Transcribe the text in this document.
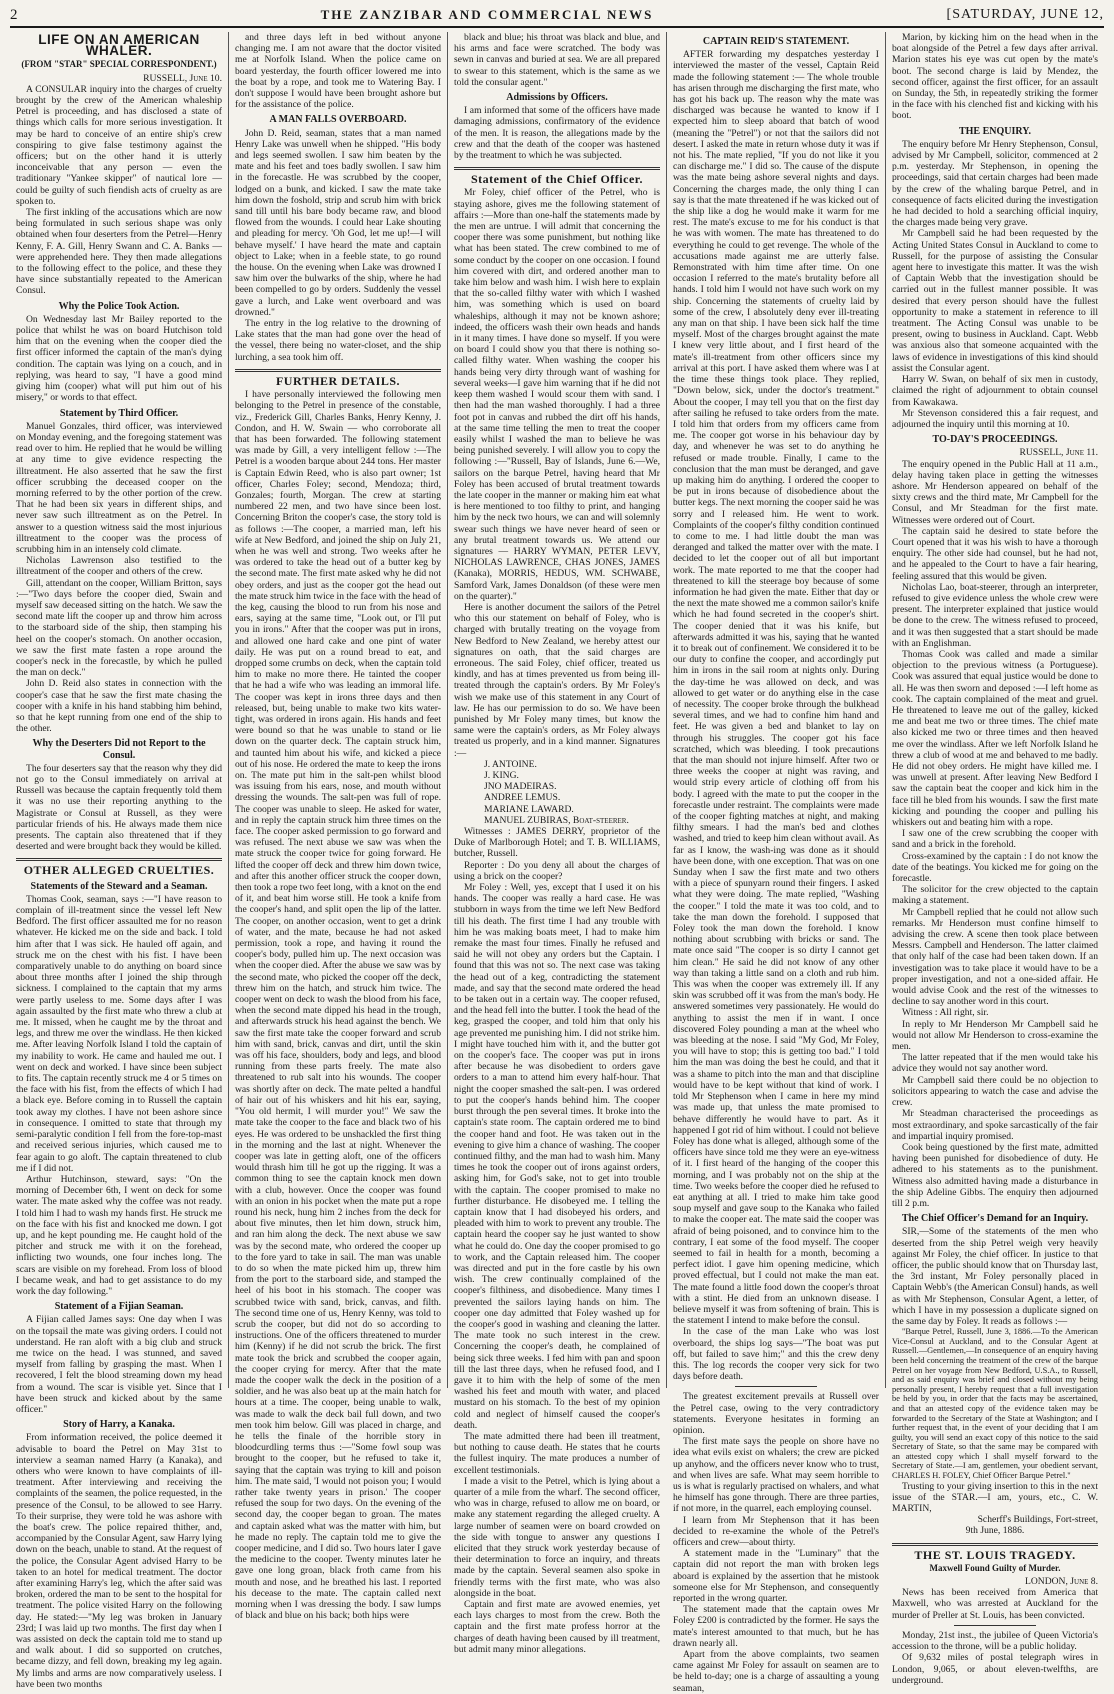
2	THE ZANZIBAR AND COMMERCIAL NEWS	[SATURDAY, JUNE 12,
LIFE ON AN AMERICAN WHALER.
(FROM "STAR" SPECIAL CORRESPONDENT.)

RUSSELL, June 10.

A CONSULAR inquiry into the charges of cruelty brought by the crew of the American whaleship Petrel is proceeding, and has disclosed a state of things which calls for more serious investigation. It may be hard to conceive of an entire ship's crew conspiring to give false testimony against the officers; but on the other hand it is utterly inconceivable that any person — even the traditionary "Yankee skipper" of nautical lore — could be guilty of such fiendish acts of cruelty as are spoken to.

The first inkling of the accusations which are now being formulated in such serious shape was only obtained when four deserters from the Petrel—Henry Kenny, F. A. Gill, Henry Swann and C. A. Banks —were apprehended here. They then made allegations to the following effect to the police, and these they have since substantially repeated to the American Consul.

Why the Police Took Action.

On Wednesday last Mr Bailey reported to the police that whilst he was on board Hutchison told him that on the evening when the cooper died the first officer informed the captain of the man's dying condition. The captain was lying on a couch, and in replying, was heard to say, "I have a good mind giving him (cooper) what will put him out of his misery," or words to that effect.

Statement by Third Officer.

Manuel Gonzales, third officer, was interviewed on Monday evening, and the foregoing statement was read over to him. He replied that he would be willing at any time to give evidence respecting the illtreatment. He also asserted that he saw the first officer scrubbing the deceased cooper on the morning referred to by the other portion of the crew. That he had been six years in different ships, and never saw such illtreatment as on the Petrel. In answer to a question witness said the most injurious illtreatment to the cooper was the process of scrubbing him in an intensely cold climate.

Nicholas Lawrenson also testified to the illtreatment of the cooper and others of the crew.

Gill, attendant on the cooper, William Britton, says :—"Two days before the cooper died, Swain and myself saw deceased sitting on the hatch. We saw the second mate lift the cooper up and throw him across to the starboard side of the ship, then stamping his heel on the cooper's stomach. On another occasion, we saw the first mate fasten a rope around the cooper's neck in the forecastle, by which he pulled the man on deck."

John D. Reid also states in connection with the cooper's case that he saw the first mate chasing the cooper with a knife in his hand stabbing him behind, so that he kept running from one end of the ship to the other.

Why the Deserters Did not Report to the Consul.

The four deserters say that the reason why they did not go to the Consul immediately on arrival at Russell was because the captain frequently told them it was no use their reporting anything to the Magistrate or Consul at Russell, as they were particular friends of his. He always made them nice presents. The captain also threatened that if they deserted and were brought back they would be killed.

OTHER ALLEGED CRUELTIES.
Statements of the Steward and a Seaman.

Thomas Cook, seaman, says :—"I have reason to complain of ill-treatment since the vessel left New Bedford. The first officer assaulted me for no reason whatever. He kicked me on the side and back. I told him after that I was sick. He hauled off again, and struck me on the chest with his fist. I have been comparatively unable to do anything on board since about three months after I joined the ship through sickness. I complained to the captain that my arms were partly useless to me. Some days after I was again assaulted by the first mate who threw a club at me. It missed, when he caught me by the throat and legs, and threw me over the windlass. He then kicked me. After leaving Norfolk Island I told the captain of my inability to work. He came and hauled me out. I went on deck and worked. I have since been subject to fits. The captain recently struck me 4 or 5 times on the face with his fist, from the effects of which I had a black eye. Before coming in to Russell the captain took away my clothes. I have not been ashore since in consequence. I omitted to state that through my semi-paralytic condition I fell from the fore-top-mast and received serious injuries, which caused me to fear again to go aloft. The captain threatened to club me if I did not.

Arthur Hutchinson, steward, says: "On the morning of December 6th, I went on deck for some water. The mate asked why the coffee was not ready. I told him I had to wash my hands first. He struck me on the face with his fist and knocked me down. I got up, and he kept pounding me. He caught hold of the pitcher and struck me with it on the forehead, inflicting two wounds, one four inches long. The scars are visible on my forehead. From loss of blood I became weak, and had to get assistance to do my work the day following."

Statement of a Fijian Seaman.

A Fijian called James says: One day when I was on the topsail the mate was giving orders. I could not understand. He ran aloft with a big club and struck me twice on the head. I was stunned, and saved myself from falling by grasping the mast. When I recovered, I felt the blood streaming down my head from a wound. The scar is visible yet. Since that I have been struck and kicked about by the same officer."

Story of Harry, a Kanaka.

From information received, the police deemed it advisable to board the Petrel on May 31st to interview a seaman named Harry (a Kanaka), and others who were known to have complaints of ill-treatment. After interviewing and receiving the complaints of the seamen, the police requested, in the presence of the Consul, to be allowed to see Harry. To their surprise, they were told he was ashore with the boat's crew. The police repaired thither, and, accompanied by the Consular Agent, saw Harry lying down on the beach, unable to stand. At the request of the police, the Consular Agent advised Harry to be taken to an hotel for medical treatment. The doctor after examining Harry's leg, which the after said was broken, ordered the man to be sent to the hospital for treatment. The police visited Harry on the following day. He stated:—"My leg was broken in January 23rd; I was laid up two months. The first day when I was assisted on deck the captain told me to stand up and walk about. I did so supported on crutches, became dizzy, and fell down, breaking my leg again. My limbs and arms are now comparatively useless. I have been two months

and three days left in bed without anyone changing me. I am not aware that the doctor visited me at Norfolk Island. When the police came on board yesterday, the fourth officer lowered me into the boat by a rope, and took me to Watering Bay. I don't suppose I would have been brought ashore but for the assistance of the police.

A MAN FALLS OVERBOARD.

John D. Reid, seaman, states that a man named Henry Lake was unwell when he shipped. "His body and legs seemed swollen. I saw him beaten by the mate and his feet and toes badly swollen. I saw him in the forecastle. He was scrubbed by the cooper, lodged on a bunk, and kicked. I saw the mate take him down the foshold, strip and scrub him with brick sand till until his bare body became raw, and blood flowed from the wounds. I could hear Lake shouting and pleading for mercy. 'Oh God, let me up!—I will behave myself.' I have heard the mate and captain object to Lake; when in a feeble state, to go round the house. On the evening when Lake was drowned I saw him over the bulwarks of the ship, where he had been compelled to go by orders. Suddenly the vessel gave a lurch, and Lake went overboard and was drowned."

The entry in the log relative to the drowning of Lake states that the man had gone over the head of the vessel, there being no water-closet, and the ship lurching, a sea took him off.

FURTHER DETAILS.

I have personally interviewed the following men belonging to the Petrel in presence of the constable, viz., Frederick Gill, Charles Banks, Henry Kenny, J. Condon, and H. W. Swain — who corroborate all that has been forwarded. The following statement was made by Gill, a very intelligent fellow :—The Petrel is a wooden barque about 244 tons. Her master is Captain Edwin Reed, who is also part owner; 1st officer, Charles Foley; second, Mendoza; third, Gonzales; fourth, Morgan. The crew at starting numbered 22 men, and two have since been lost. Concerning Briton the cooper's case, the story told is as follows :—The cooper, a married man, left his wife at New Bedford, and joined the ship on July 21, when he was well and strong. Two weeks after he was ordered to take the head out of a butter keg by the second mate. The first mate asked why he did not obey orders, and just as the cooper got the head out the mate struck him twice in the face with the head of the keg, causing the blood to run from his nose and ears, saying at the same time, "Look out, or I'll put you in irons." After that the cooper was put in irons, and allowed one hard cake and one pint of water daily. He was put on a round bread to eat, and dropped some crumbs on deck, when the captain told him to make no more there. He tainted the cooper that he had a wife who was leading an immoral life. The cooper was kept in irons three days and then released, but, being unable to make two kits water-tight, was ordered in irons again. His hands and feet were bound so that he was unable to stand or lie down on the quarter deck. The captain struck him, and taunted him about his wife, and kicked a piece out of his nose. He ordered the mate to keep the irons on. The mate put him in the salt-pen whilst blood was issuing from his ears, nose, and mouth without dressing the wounds. The salt-pen was full of rope. The cooper was unable to sleep. He asked for water, and in reply the captain struck him three times on the face. The cooper asked permission to go forward and was refused. The next abuse we saw was when the mate struck the cooper twice for going forward. He lifted the cooper off deck and threw him down twice, and after this another officer struck the cooper down, then took a rope two feet long, with a knot on the end of it, and beat him worse still. He took a knife from the cooper's hand, and split open the lip of the latter. The cooper, on another occasion, went to get a drink of water, and the mate, because he had not asked permission, took a rope, and having it round the cooper's body, pulled him up. The next occasion was when the cooper died. After the abuse we saw was by the second mate, who picked the cooper off the deck, threw him on the hatch, and struck him twice. The cooper went on deck to wash the blood from his face, when the second mate dipped his head in the trough, and afterwards struck his head against the bench. We saw the first mate take the cooper forward and scrub him with sand, brick, canvas and dirt, until the skin was off his face, shoulders, body and legs, and blood running from these parts freely. The mate also threatened to rub salt into his wounds. The cooper was shortly after on deck. The mate pelted a handful of hair out of his whiskers and hit his ear, saying, "You old hermit, I will murder you!" We saw the mate take the cooper to the face and black two of his eyes. He was ordered to be unshackled the first thing in the morning and the last at night. Whenever the cooper was late in getting aloft, one of the officers would thrash him till he got up the rigging. It was a common thing to see the captain knock men down with a club, however. Once the cooper was found with an onion in his pocket when the mate put a rope round his neck, hung him 2 inches from the deck for about five minutes, then let him down, struck him, and ran him along the deck. The next abuse we saw was by the second mate, who ordered the cooper up to the fore yard to take in sail. The man was unable to do so when the mate picked him up, threw him from the port to the starboard side, and stamped the heel of his boot in his stomach. The cooper was scrubbed twice with sand, brick, canvas, and filth. The second time one of us, Henry Kenny, was told to scrub the cooper, but did not do so according to instructions. One of the officers threatened to murder him (Kenny) if he did not scrub the brick. The first mate took the brick and scrubbed the cooper again, the cooper crying for mercy. After that the mate made the cooper walk the deck in the position of a soldier, and he was also beat up at the main hatch for hours at a time. The cooper, being unable to walk, was made to walk the deck bail full down, and two men took him below. Gill was placed in charge, and he tells the finale of the horrible story in bloodcurdling terms thus :—"Some fowl soup was brought to the cooper, but he refused to take it, saying that the captain was trying to kill and poison him. The mate said, 'I would not poison you; I would rather take twenty years in prison.' The cooper refused the soup for two days. On the evening of the second day, the cooper began to groan. The mates and captain asked what was the matter with him, but he made no reply. The captain told me to give the cooper medicine, and I did so. Two hours later I gave the medicine to the cooper. Twenty minutes later he gave one long groan, black froth came from his mouth and nose, and he breathed his last. I reported his decease to the mate. The captain called next morning when I was dressing the body. I saw lumps of black and blue on his back; both hips were

black and blue; his throat was black and blue, and his arms and face were scratched. The body was sewn in canvas and buried at sea. We are all prepared to swear to this statement, which is the same as we told the consular agent."

Admissions by Officers.

I am informed that some of the officers have made damaging admissions, confirmatory of the evidence of the men. It is reason, the allegations made by the crew and that the death of the cooper was hastened by the treatment to which he was subjected.

Statement of the Chief Officer.

Mr Foley, chief officer of the Petrel, who is staying ashore, gives me the following statement of affairs :—More than one-half the statements made by the men are untrue. I will admit that concerning the cooper there was some punishment, but nothing like what has been stated. The crew combined to me of some conduct by the cooper on one occasion. I found him covered with dirt, and ordered another man to take him below and wash him. I wish here to explain that the so-called filthy water with which I washed him, was something which is used on board whaleships, although it may not be known ashore; indeed, the officers wash their own heads and hands in it many times. I have done so myself. If you were on board I could show you that there is nothing so-called filthy water. When washing the cooper his hands being very dirty through want of washing for several weeks—I gave him warning that if he did not keep them washed I would scour them with sand. I then had the man washed thoroughly. I had a three foot pot in canvas and rubbed the dirt off his hands, at the same time telling the men to treat the cooper easily whilst I washed the man to believe he was being punished severely. I will allow you to copy the following :—"Russell, Bay of Islands, June 6.—We, sailors on the barque Petrel, having heard that Mr Foley has been accused of brutal treatment towards the late cooper in the manner or making him eat what is here mentioned to too filthy to print, and hanging him by the neck two hours, we can and will solemnly swear such things we have never heard of seen or any brutal treatment towards us. We attend our signatures — HARRY WYMAN, PETER LEVY, NICHOLAS LAWRENCE, CHAS JONES, JAMES (Kanaka), MORRIS, HEDUS, WM. SCHWABE, Samford Vark, James Donaldson (of these were men on the quarter)."

Here is another document the sailors of the Petrel who this our statement on behalf of Foley, who is charged with brutally treating on the voyage from New Bedford to New Zealand, we hereby attest our signatures on oath, that the said charges are erroneous. The said Foley, chief officer, treated us kindly, and has at times prevented us from being ill-treated through the captain's orders. By Mr Foley's wish we make use of this statement in any Court of law. He has our permission to do so. We have been punished by Mr Foley many times, but know the same were the captain's orders, as Mr Foley always treated us properly, and in a kind manner. Signatures :—

J. ANTOINE.

J. KING.

JNO MADEIRAS.

ANDREE LEMUS.

MARIANE LAWARD.

MANUEL ZUBIRAS, Boat-steerer.

Witnesses : JAMES DERRY, proprietor of the Duke of Marlborough Hotel; and T. B. WILLIAMS, butcher, Russell.

Reporter : Do you deny all about the charges of using a brick on the cooper?

Mr Foley : Well, yes, except that I used it on his hands. The cooper was really a hard case. He was stubborn in ways from the time we left New Bedford till his death. The first time I had any trouble with him he was making boats meet, I had to make him remake the mast four times. Finally he refused and said he will not obey any orders but the Captain. I found that this was not so. The next case was taking the head out of a keg, contradicting the statement made, and say that the second mate ordered the head to be taken out in a certain way. The cooper refused, and the head fell into the butter. I took the head of the keg, grasped the cooper, and told him that only his age prevented me punishing him. I did not strike him. I might have touched him with it, and the butter got on the cooper's face. The cooper was put in irons after because he was disobedient to orders gave orders to a man to attend him every half-hour. That night the cooper smashed the salt-pen. I was ordered to put the cooper's hands behind him. The cooper burst through the pen several times. It broke into the captain's state room. The captain ordered me to bind the cooper hand and foot. He was taken out in the evening to give him a chance of washing. The cooper continued filthy, and the man had to wash him. Many times he took the cooper out of irons against orders, asking him, for God's sake, not to get into trouble with the captain. The cooper promised to make no further disturbance. He disobeyed me. I telling the captain know that I had disobeyed his orders, and pleaded with him to work to prevent any trouble. The captain heard the cooper say he just wanted to show what he could do. One day the cooper promised to go to work, and the Captain released him. The cooper was directed and put in the fore castle by his own wish. The crew continually complained of the cooper's filthiness, and disobedience. Many times I prevented the sailors laying hands on him. The cooper one day admitted that Foley washed up for the cooper's good in washing and cleaning the latter. The mate took no such interest in the crew. Concerning the cooper's death, he complained of being sick three weeks. I fed him with pan and spoon till the last three days, when he refused food, and I gave it to him with the help of some of the men washed his feet and mouth with water, and placed mustard on his stomach. To the best of my opinion cold and neglect of himself caused the cooper's death.

The mate admitted there had been ill treatment, but nothing to cause death. He states that he courts the fullest inquiry. The mate produces a number of excellent testimonials.

I made a visit to the Petrel, which is lying about a quarter of a mile from the wharf. The second officer, who was in charge, refused to allow me on board, or make any statement regarding the alleged cruelty. A large number of seamen were on board crowded on the side with tongue to answer any questions I elicited that they struck work yesterday because of their determination to force an inquiry, and threats made by the captain. Several seamen also spoke in friendly terms with the first mate, who was also alongside in the boat.

Captain and first mate are avowed enemies, yet each lays charges to most from the crew. Both the captain and the first mate profess horror at the charges of death having been caused by ill treatment, but admit many minor allegations.

CAPTAIN REID'S STATEMENT.

AFTER forwarding my despatches yesterday I interviewed the master of the vessel, Captain Reid made the following statement :— The whole trouble has arisen through me discharging the first mate, who has got his back up. The reason why the mate was discharged was because he wanted to know if I expected him to sleep aboard that batch of wood (meaning the "Petrel") or not that the sailors did not desert. I asked the mate in return whose duty it was if not his. The mate replied, "If you do not like it you can discharge me." I did so. The cause of the dispute was the mate being ashore several nights and days. Concerning the charges made, the only thing I can say is that the mate threatened if he was kicked out of the ship like a dog he would make it warm for me rest. The mate's excuse to me for his conduct is that he was with women. The mate has threatened to do everything he could to get revenge. The whole of the accusations made against me are utterly false. Remonstrated with him time after time. On one occasion I referred to the mate's brutality before all hands. I told him I would not have such work on my ship. Concerning the statements of cruelty laid by some of the crew, I absolutely deny ever ill-treating any man on that ship. I have been sick half the time myself. Most of the charges brought against the mate I knew very little about, and I first heard of the mate's ill-treatment from other officers since my arrival at this port. I have asked them where was I at the time these things took place. They replied, "Down below, sick, under the doctor's treatment." About the cooper, I may tell you that on the first day after sailing he refused to take orders from the mate. I told him that orders from my officers came from me. The cooper got worse in his behaviour day by day, and whenever he was set to do anything he refused or made trouble. Finally, I came to the conclusion that the man must be deranged, and gave up making him do anything. I ordered the cooper to be put in irons because of disobedience about the butter kegs. The next morning the cooper said he was sorry and I released him. He went to work. Complaints of the cooper's filthy condition continued to come to me. I had little doubt the man was deranged and talked the matter over with the mate. I decided to let the cooper out of all but important work. The mate reported to me that the cooper had threatened to kill the steerage boy because of some information he had given the mate. Either that day or the next the mate showed me a common sailor's knife which he had found secreted in the cooper's shirt. The cooper denied that it was his knife, but afterwards admitted it was his, saying that he wanted it to break out of confinement. We considered it to be our duty to confine the cooper, and accordingly put him in irons in the sail room at nights only. During the day-time he was allowed on deck, and was allowed to get water or do anything else in the case of necessity. The cooper broke through the bulkhead several times, and we had to confine him hand and feet. He was given a bed and blanket to lay on through his struggles. The cooper got his face scratched, which was bleeding. I took precautions that the man should not injure himself. After two or three weeks the cooper at night was raving, and would strip every article of clothing off from his body. I agreed with the mate to put the cooper in the forecastle under restraint. The complaints were made of the cooper fighting matches at night, and making filthy smears. I had the man's bed and clothes washed, and tried to keep him clean without avail. As far as I know, the wash-ing was done as it should have been done, with one exception. That was on one Sunday when I saw the first mate and two others with a piece of spunyarn round their fingers. I asked what they were doing. The mate replied, "Washing the cooper." I told the mate it was too cold, and to take the man down the forehold. I supposed that Foley took the man down the forehold. I know nothing about scrubbing with bricks or sand. The mate once said "The cooper is so dirty I cannot get him clean." He said he did not know of any other way than taking a little sand on a cloth and rub him. This was when the cooper was extremely ill. If any skin was scrubbed off it was from the man's body. He answered sometimes very passionately. He would do anything to assist the men if in want. I once discovered Foley pounding a man at the wheel who was bleeding at the nose. I said "My God, Mr Foley, you will have to stop; this is getting too bad." I told him the man was doing the best he could, and that it was a shame to pitch into the man and that discipline would have to be kept without that kind of work. I told Mr Stephenson when I came in here my mind was made up, that unless the mate promised to behave differently he would have to part. As it happened I got rid of him without. I could not believe Foley has done what is alleged, although some of the officers have since told me they were an eye-witness of it. I first heard of the hanging of the cooper this morning, and I was probably not on the ship at the time. Two weeks before the cooper died he refused to eat anything at all. I tried to make him take good soup myself and gave soup to the Kanaka who failed to make the cooper eat. The mate said the cooper was afraid of being poisoned, and to convince him to the contrary, I eat some of the food myself. The cooper seemed to fail in health for a month, becoming a perfect idiot. I gave him opening medicine, which proved effectual, but I could not make the man eat. The mate found a little food down the cooper's throat with a stint. He died from an unknown disease. I believe myself it was from softening of brain. This is the statement I intend to make before the consul.

In the case of the man Lake who was lost overboard, the ships log says—"The boat was put off, but failed to save him;" and this the crew deny this. The log records the cooper very sick for two days before death.

The greatest excitement prevails at Russell over the Petrel case, owing to the very contradictory statements. Everyone hesitates in forming an opinion.

The first mate says the people on shore have no idea what evils exist on whalers; the crew are picked up anyhow, and the officers never know who to trust, and when lives are safe. What may seem horrible to us is what is regularly practised on whalers, and what he himself has gone through. There are three parties, if not more, in the quarrel, each employing counsel.

I learn from Mr Stephenson that it has been decided to re-examine the whole of the Petrel's officers and crew—about thirty.

A statement made in the "Luminary" that the captain did not report the man with broken legs aboard is explained by the assertion that he mistook someone else for Mr Stephenson, and consequently reported in the wrong quarter.

The statement made that the captain owes Mr Foley £200 is contradicted by the former. He says the mate's interest amounted to that much, but he has drawn nearly all.

Apart from the above complaints, two seamen came against Mr Foley for assault on seamen are to be held to-day; one is a charge of assaulting a young seaman,

Marion, by kicking him on the head when in the boat alongside of the Petrel a few days after arrival. Marion states his eye was cut open by the mate's boot. The second charge is laid by Mendez, the second officer, against the first officer, for an assault on Sunday, the 5th, in repeatedly striking the former in the face with his clenched fist and kicking with his boot.

THE ENQUIRY.

The enquiry before Mr Henry Stephenson, Consul, advised by Mr Campbell, solicitor, commenced at 2 p.m. yesterday. Mr Stephenson, in opening the proceedings, said that certain charges had been made by the crew of the whaling barque Petrel, and in consequence of facts elicited during the investigation he had decided to hold a searching official inquiry, the charges made being very grave.

Mr Campbell said he had been requested by the Acting United States Consul in Auckland to come to Russell, for the purpose of assisting the Consular agent here to investigate this matter. It was the wish of Captain Webb that the investigation should be carried out in the fullest manner possible. It was desired that every person should have the fullest opportunity to make a statement in reference to ill treatment. The Acting Consul was unable to be present, owing to business in Auckland. Capt. Webb was anxious also that someone acquainted with the laws of evidence in investigations of this kind should assist the Consular agent.

Harry W. Swan, on behalf of six men in custody, claimed the right of adjournment to obtain counsel from Kawakawa.

Mr Stevenson considered this a fair request, and adjourned the inquiry until this morning at 10.

TO-DAY'S PROCEEDINGS.

RUSSELL, June 11.

The enquiry opened in the Public Hall at 11 a.m., delay having taken place in getting the witnesses ashore. Mr Henderson appeared on behalf of the sixty crews and the third mate, Mr Campbell for the Consul, and Mr Steadman for the first mate. Witnesses were ordered out of Court.

The captain said he desired to state before the Court opened that it was his wish to have a thorough enquiry. The other side had counsel, but he had not, and he appealed to the Court to have a fair hearing, feeling assured that this would be given.

Nicholas Lao, boat-steerer, through an interpreter, refused to give evidence unless the whole crew were present. The interpreter explained that justice would be done to the crew. The witness refused to proceed, and it was then suggested that a start should be made with an Englishman.

Thomas Cook was called and made a similar objection to the previous witness (a Portuguese). Cook was assured that equal justice would be done to all. He was then sworn and deposed :—I left home as cook. The captain complained of the meat and gruel. He threatened to leave me out of the galley, kicked me and beat me two or three times. The chief mate also kicked me two or three times and then heaved me over the windlass. After we left Norfolk Island he threw a club of wood at me and behaved to me badly. He did not obey orders. He might have killed me. I was unwell at present. After leaving New Bedford I saw the captain beat the cooper and kick him in the face till he bled from his wounds. I saw the first mate kicking and pounding the cooper and pulling his whiskers out and beating him with a rope.

I saw one of the crew scrubbing the cooper with sand and a brick in the forehold.

Cross-examined by the captain : I do not know the date of the beatings. You kicked me for going on the forecastle.

The solicitor for the crew objected to the captain making a statement.

Mr Campbell replied that he could not allow such remarks. Mr Henderson must confine himself to advising the crew. A scene then took place between Messrs. Campbell and Henderson. The latter claimed that only half of the case had been taken down. If an investigation was to take place it would have to be a proper investigation, and not a one-sided affair. He would advise Cook and the rest of the witnesses to decline to say another word in this court.

Witness : All right, sir.

In reply to Mr Henderson Mr Campbell said he would not allow Mr Henderson to cross-examine the men.

The latter repeated that if the men would take his advice they would not say another word.

Mr Campbell said there could be no objection to solicitors appearing to watch the case and advise the crew.

Mr Steadman characterised the proceedings as most extraordinary, and spoke sarcastically of the fair and impartial inquiry promised.

Cook being questioned by the first mate, admitted having been punished for disobedience of duty. He adhered to his statements as to the punishment. Witness also admitted having made a disturbance in the ship Adeline Gibbs. The enquiry then adjourned till 2 p.m.

The Chief Officer's Demand for an Inquiry.

SIR,—Some of the statements of the men who deserted from the ship Petrel weigh very heavily against Mr Foley, the chief officer. In justice to that officer, the public should know that on Thursday last, the 3rd instant, Mr Foley personally placed in Captain Webb's (the American Consul) hands, as well as with Mr Stephenson, Consular Agent, a letter, of which I have in my possession a duplicate signed on the same day by Foley. It reads as follows :—

"Barque Petrel, Russell, June 3, 1886.—To the American Vice-Consul at Auckland, and to the Consular Agent at Russell.—Gentlemen,—In consequence of an enquiry having been held concerning the treatment of the crew of the barque Petrel on her voyage from New Bedford, U.S.A., to Russell, and as said enquiry was brief and closed without my being personally present, I hereby request that a full investigation be held by you, in order that the facts may be ascertained, and that an attested copy of the evidence taken may be forwarded to the Secretary of the State at Washington; and I further request that, in the event of your deciding that I am guilty, you will send an exact copy of this notice to the said Secretary of State, so that the same may be compared with an attested copy which I shall myself forward to the Secretary of State.—I am, gentlemen, your obedient servant, CHARLES H. FOLEY, Chief Officer Barque Petrel."

Trusting to your giving insertion to this in the next issue of the STAR.—I am, yours, etc., C. W. MARTIN,

Scherff's Buildings, Fort-street,

9th June, 1886.

THE ST. LOUIS TRAGEDY.
Maxwell Found Guilty of Murder.

LONDON, June 8.

News has been received from America that Maxwell, who was arrested at Auckland for the murder of Preller at St. Louis, has been convicted.

Monday, 21st inst., the jubilee of Queen Victoria's accession to the throne, will be a public holiday.

Of 9,632 miles of postal telegraph wires in London, 9,065, or about eleven-twelfths, are underground.
